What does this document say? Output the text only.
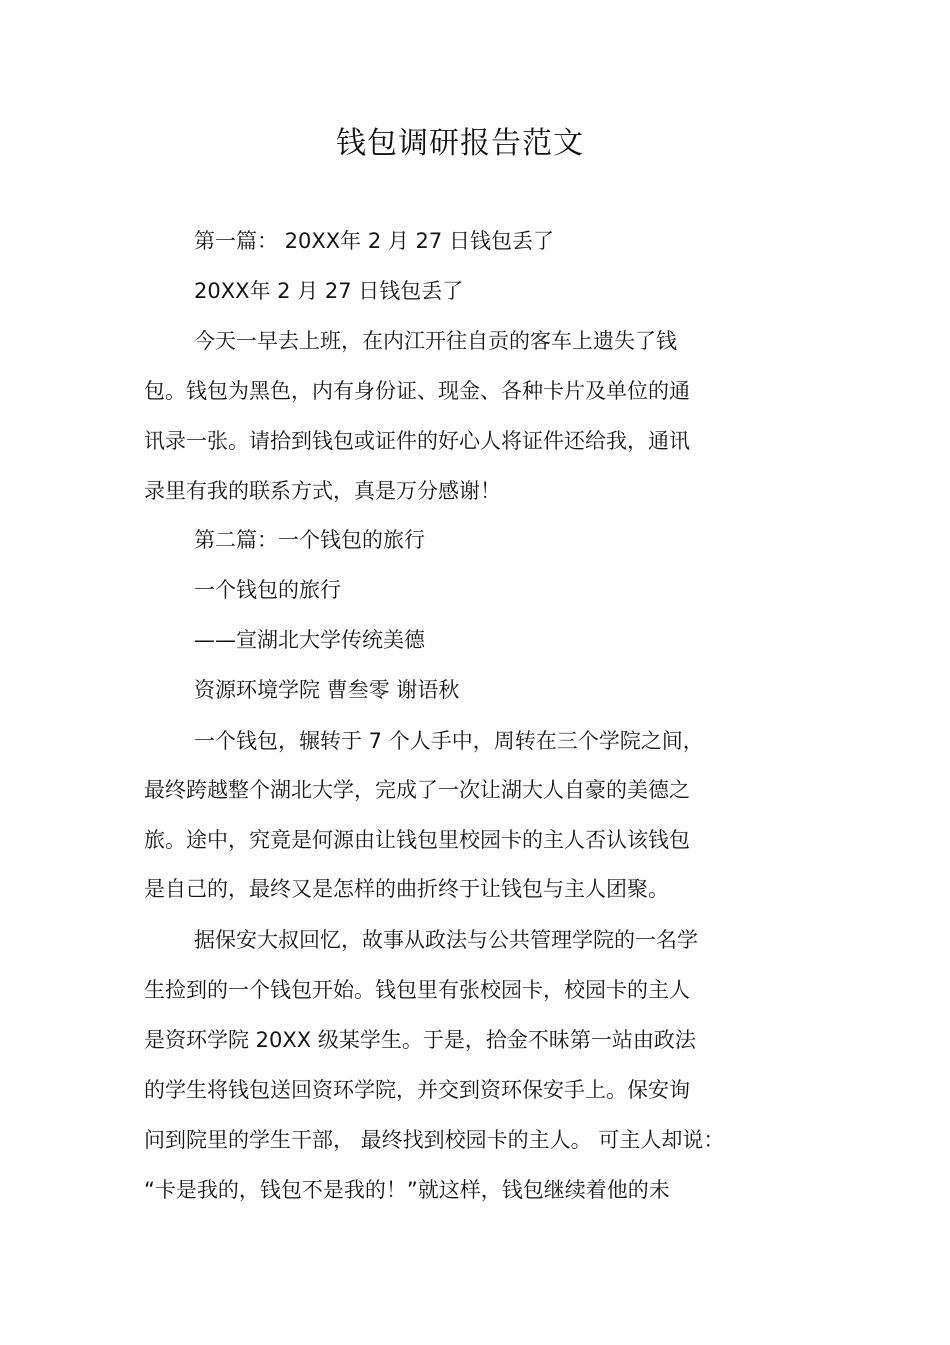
钱包调研报告范文
第一篇： 20XX年 2 月 27 日钱包丢了
20XX年 2 月 27 日钱包丢了
今天一早去上班，在内江开往自贡的客车上遗失了钱
包。钱包为黑色，内有身份证、现金、各种卡片及单位的通
讯录一张。请拾到钱包或证件的好心人将证件还给我，通讯
录里有我的联系方式，真是万分感谢！
第二篇：一个钱包的旅行
一个钱包的旅行
——宣湖北大学传统美德
资源环境学院 曹叁零 谢语秋
一个钱包，辗转于 7 个人手中，周转在三个学院之间，
最终跨越整个湖北大学，完成了一次让湖大人自豪的美德之
旅。途中，究竟是何源由让钱包里校园卡的主人否认该钱包
是自己的，最终又是怎样的曲折终于让钱包与主人团聚。
据保安大叔回忆，故事从政法与公共管理学院的一名学
生捡到的一个钱包开始。钱包里有张校园卡，校园卡的主人
是资环学院 20XX 级某学生。于是，拾金不昧第一站由政法
的学生将钱包送回资环学院，并交到资环保安手上。保安询
问到院里的学生干部， 最终找到校园卡的主人。 可主人却说：
“卡是我的，钱包不是我的！”就这样，钱包继续着他的未
